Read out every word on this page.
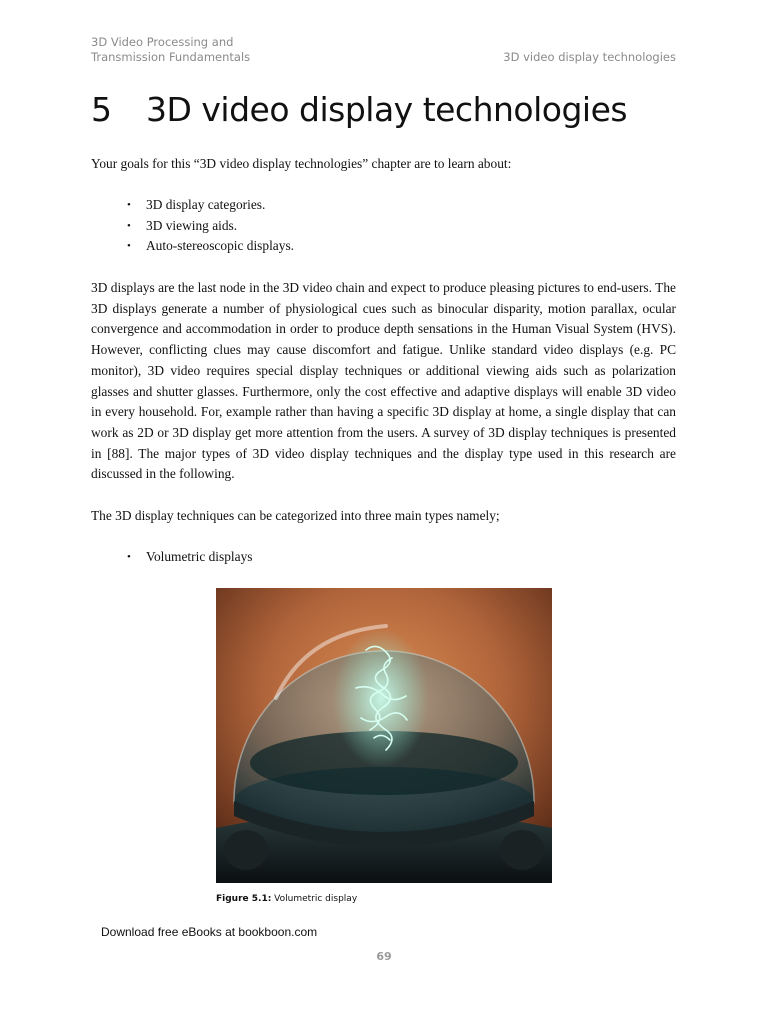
3D Video Processing and
Transmission Fundamentals	3D video display technologies
5 3D video display technologies

Your goals for this “3D video display technologies” chapter are to learn about:

• 3D display categories.
• 3D viewing aids.
• Auto-stereoscopic displays.

3D displays are the last node in the 3D video chain and expect to produce pleasing pictures to end-users. The 3D displays generate a number of physiological cues such as binocular disparity, motion parallax, ocular convergence and accommodation in order to produce depth sensations in the Human Visual System (HVS). However, conflicting clues may cause discomfort and fatigue. Unlike standard video displays (e.g. PC monitor), 3D video requires special display techniques or additional viewing aids such as polarization glasses and shutter glasses. Furthermore, only the cost effective and adaptive displays will enable 3D video in every household. For, example rather than having a specific 3D display at home, a single display that can work as 2D or 3D display get more attention from the users. A survey of 3D display techniques is presented in [88]. The major types of 3D video display techniques and the display type used in this research are discussed in the following.

The 3D display techniques can be categorized into three main types namely;

• Volumetric displays
Figure 5.1: Volumetric display
Download free eBooks at bookboon.com
69
